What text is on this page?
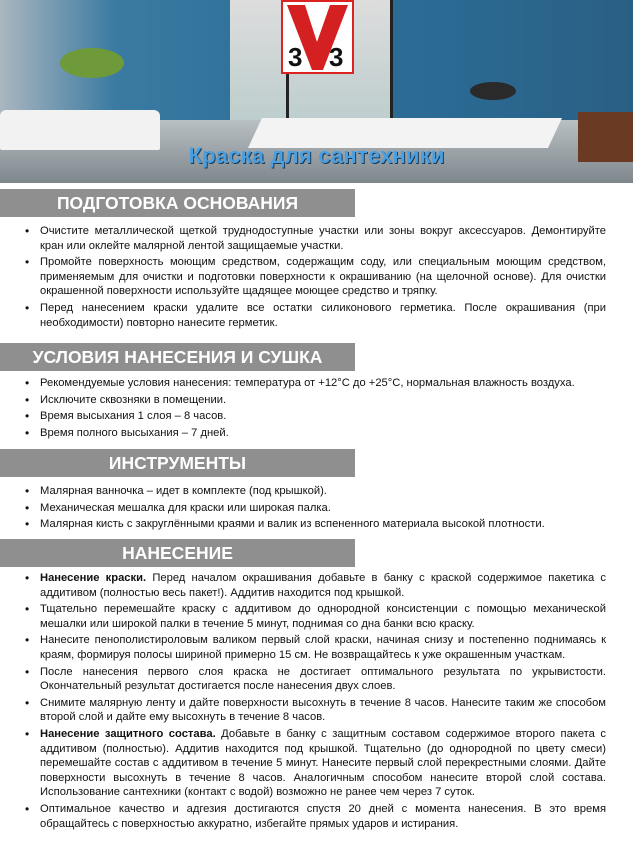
3 3
Краска для сантехники
ПОДГОТОВКА ОСНОВАНИЯ
• Очистите металлической щеткой труднодоступные участки или зоны вокруг аксессуаров. Демонтируйте кран или оклейте малярной лентой защищаемые участки.
• Промойте поверхность моющим средством, содержащим соду, или специальным моющим средством, применяемым для очистки и подготовки поверхности к окрашиванию (на щелочной основе). Для очистки окрашенной поверхности используйте щадящее моющее средство и тряпку.
• Перед нанесением краски удалите все остатки силиконового герметика. После окрашивания (при необходимости) повторно нанесите герметик.
УСЛОВИЯ НАНЕСЕНИЯ И СУШКА
• Рекомендуемые условия нанесения: температура от +12°С до +25°С, нормальная влажность воздуха.
• Исключите сквозняки в помещении.
• Время высыхания 1 слоя – 8 часов.
• Время полного высыхания – 7 дней.
ИНСТРУМЕНТЫ
• Малярная ванночка – идет в комплекте (под крышкой).
• Механическая мешалка для краски или широкая палка.
• Малярная кисть с закруглёнными краями и валик из вспененного материала высокой плотности.
НАНЕСЕНИЕ
• Нанесение краски. Перед началом окрашивания добавьте в банку с краской содержимое пакетика с аддитивом (полностью весь пакет!). Аддитив находится под крышкой.
• Тщательно перемешайте краску с аддитивом до однородной консистенции с помощью механической мешалки или широкой палки в течение 5 минут, поднимая со дна банки всю краску.
• Нанесите пенополистироловым валиком первый слой краски, начиная снизу и постепенно поднимаясь к краям, формируя полосы шириной примерно 15 см. Не возвращайтесь к уже окрашенным участкам.
• После нанесения первого слоя краска не достигает оптимального результата по укрывистости. Окончательный результат достигается после нанесения двух слоев.
• Снимите малярную ленту и дайте поверхности высохнуть в течение 8 часов. Нанесите таким же способом второй слой и дайте ему высохнуть в течение 8 часов.
• Нанесение защитного состава. Добавьте в банку с защитным составом содержимое второго пакета с аддитивом (полностью). Аддитив находится под крышкой. Тщательно (до однородной по цвету смеси) перемешайте состав с аддитивом в течение 5 минут. Нанесите первый слой перекрестными слоями. Дайте поверхности высохнуть в течение 8 часов. Аналогичным способом нанесите второй слой состава. Использование сантехники (контакт с водой) возможно не ранее чем через 7 суток.
• Оптимальное качество и адгезия достигаются спустя 20 дней с момента нанесения. В это время обращайтесь с поверхностью аккуратно, избегайте прямых ударов и истирания.
